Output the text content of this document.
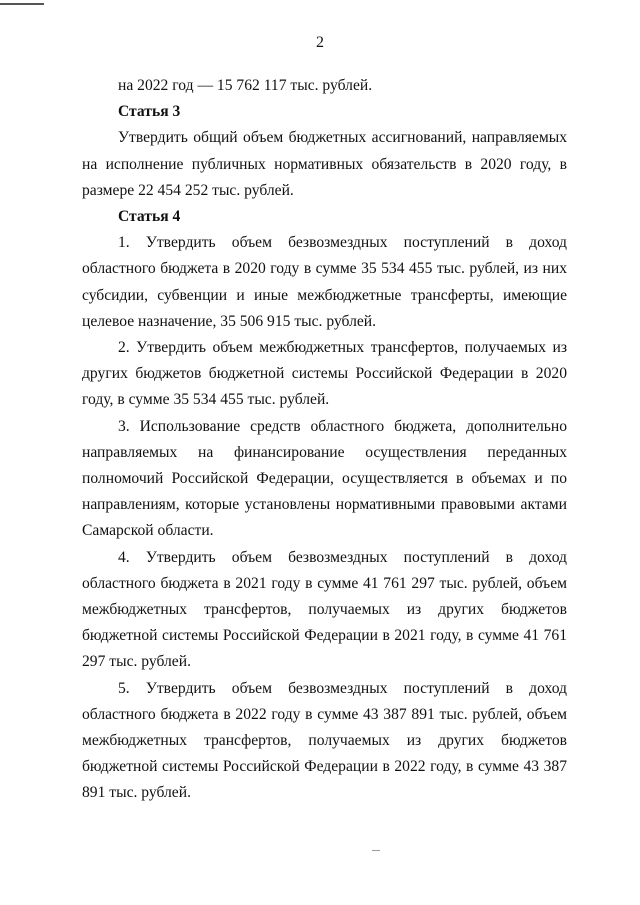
2

на 2022 год — 15 762 117 тыс. рублей.

Статья 3

Утвердить общий объем бюджетных ассигнований, направляемых на исполнение публичных нормативных обязательств в 2020 году, в размере 22 454 252 тыс. рублей.

Статья 4

1. Утвердить объем безвозмездных поступлений в доход областного бюджета в 2020 году в сумме 35 534 455 тыс. рублей, из них субсидии, субвенции и иные межбюджетные трансферты, имеющие целевое назначение, 35 506 915 тыс. рублей.

2. Утвердить объем межбюджетных трансфертов, получаемых из других бюджетов бюджетной системы Российской Федерации в 2020 году, в сумме 35 534 455 тыс. рублей.

3. Использование средств областного бюджета, дополнительно направляемых на финансирование осуществления переданных полномочий Российской Федерации, осуществляется в объемах и по направлениям, которые установлены нормативными правовыми актами Самарской области.

4. Утвердить объем безвозмездных поступлений в доход областного бюджета в 2021 году в сумме 41 761 297 тыс. рублей, объем межбюджетных трансфертов, получаемых из других бюджетов бюджетной системы Российской Федерации в 2021 году, в сумме 41 761 297 тыс. рублей.

5. Утвердить объем безвозмездных поступлений в доход областного бюджета в 2022 году в сумме 43 387 891 тыс. рублей, объем межбюджетных трансфертов, получаемых из других бюджетов бюджетной системы Российской Федерации в 2022 году, в сумме 43 387 891 тыс. рублей.
